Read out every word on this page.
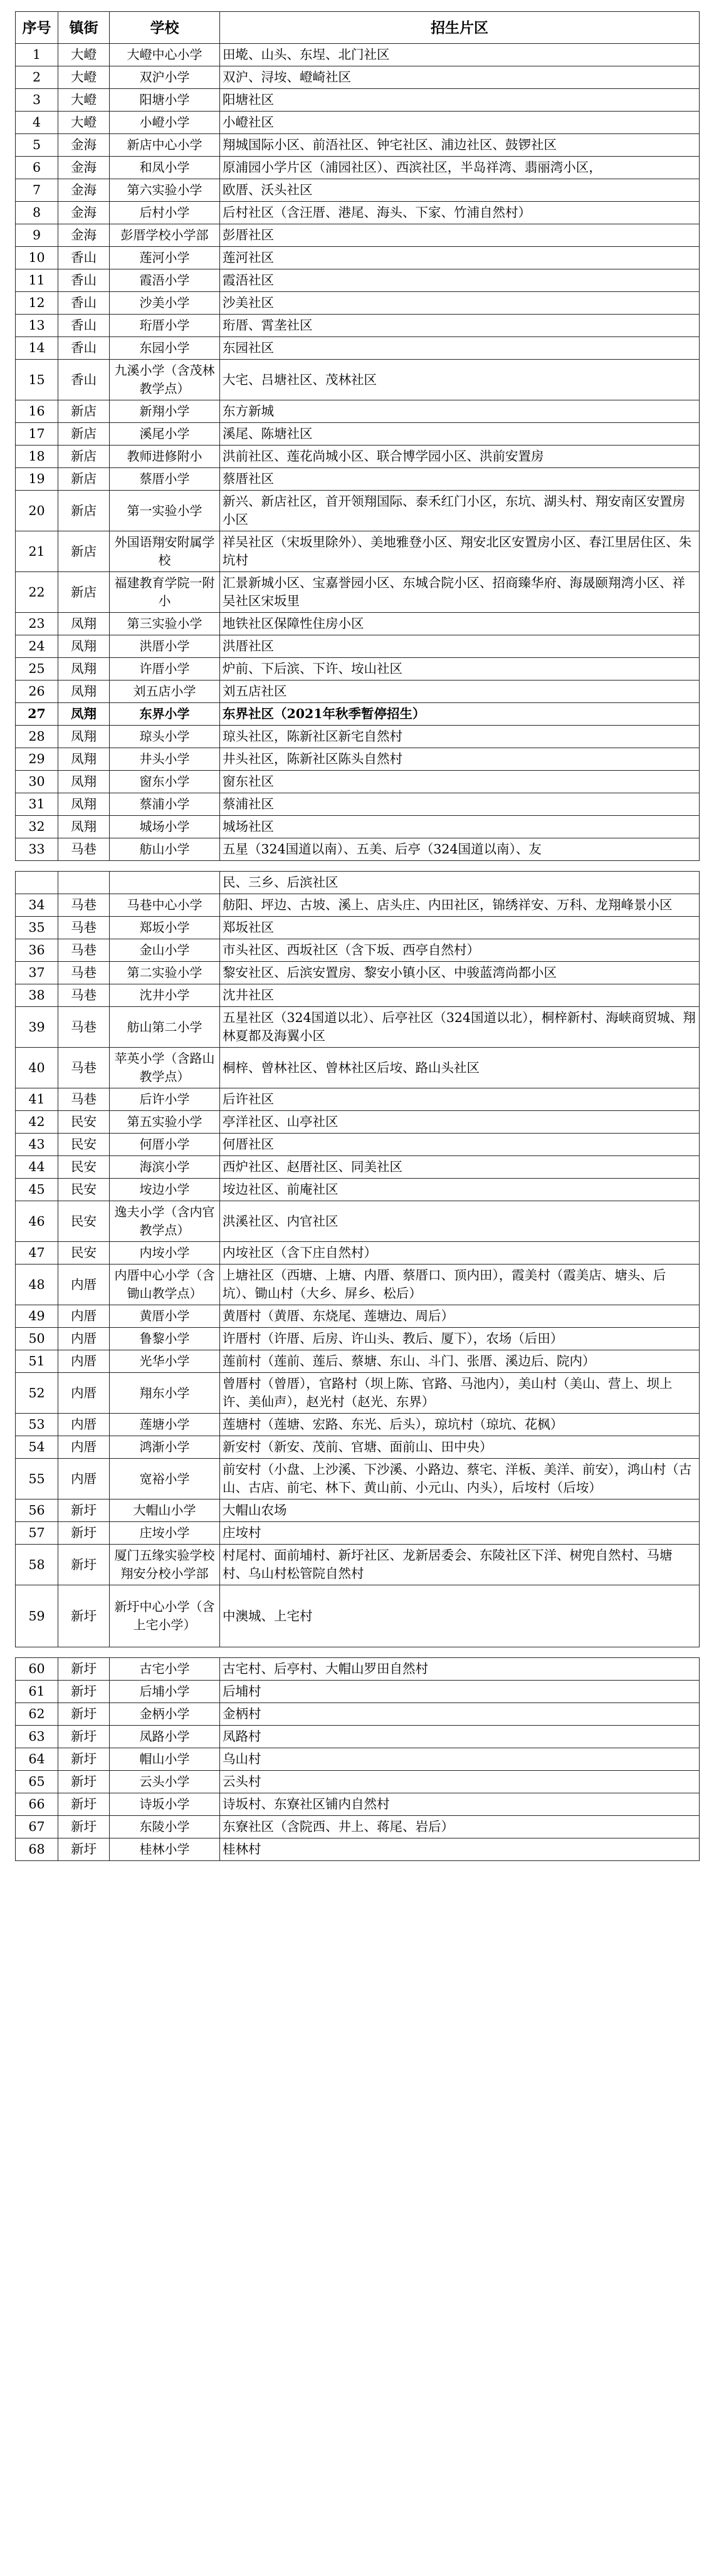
序号	镇街	学校	招生片区
1	大嶝	大嶝中心小学	田墘、山头、东埕、北门社区
2	大嶝	双沪小学	双沪、浔垵、嶝崎社区
3	大嶝	阳塘小学	阳塘社区
4	大嶝	小嶝小学	小嶝社区
5	金海	新店中心小学	翔城国际小区、前浯社区、钟宅社区、浦边社区、鼓锣社区
6	金海	和凤小学	原浦园小学片区（浦园社区）、西滨社区，半岛祥湾、翡丽湾小区，
7	金海	第六实验小学	欧厝、沃头社区
8	金海	后村小学	后村社区（含汪厝、港尾、海头、下家、竹浦自然村）
9	金海	彭厝学校小学部	彭厝社区
10	香山	莲河小学	莲河社区
11	香山	霞浯小学	霞浯社区
12	香山	沙美小学	沙美社区
13	香山	珩厝小学	珩厝、霄垄社区
14	香山	东园小学	东园社区
15	香山	九溪小学（含茂林教学点）	大宅、吕塘社区、茂林社区
16	新店	新翔小学	东方新城
17	新店	溪尾小学	溪尾、陈塘社区
18	新店	教师进修附小	洪前社区、莲花尚城小区、联合博学园小区、洪前安置房
19	新店	蔡厝小学	蔡厝社区
20	新店	第一实验小学	新兴、新店社区，首开领翔国际、泰禾红门小区，东坑、湖头村、翔安南区安置房小区
21	新店	外国语翔安附属学校	祥吴社区（宋坂里除外）、美地雅登小区、翔安北区安置房小区、春江里居住区、朱坑村
22	新店	福建教育学院一附小	汇景新城小区、宝嘉誉园小区、东城合院小区、招商臻华府、海晟颐翔湾小区、祥吴社区宋坂里
23	凤翔	第三实验小学	地铁社区保障性住房小区
24	凤翔	洪厝小学	洪厝社区
25	凤翔	许厝小学	炉前、下后滨、下许、垵山社区
26	凤翔	刘五店小学	刘五店社区
27	凤翔	东界小学	东界社区（2021年秋季暂停招生）
28	凤翔	琼头小学	琼头社区，陈新社区新宅自然村
29	凤翔	井头小学	井头社区，陈新社区陈头自然村
30	凤翔	窗东小学	窗东社区
31	凤翔	蔡浦小学	蔡浦社区
32	凤翔	城场小学	城场社区
33	马巷	舫山小学	五星（324国道以南）、五美、后亭（324国道以南）、友

			民、三乡、后滨社区
34	马巷	马巷中心小学	舫阳、坪边、古坡、溪上、店头庄、内田社区，锦绣祥安、万科、龙翔峰景小区
35	马巷	郑坂小学	郑坂社区
36	马巷	金山小学	市头社区、西坂社区（含下坂、西亭自然村）
37	马巷	第二实验小学	黎安社区、后滨安置房、黎安小镇小区、中骏蓝湾尚都小区
38	马巷	沈井小学	沈井社区
39	马巷	舫山第二小学	五星社区（324国道以北）、后亭社区（324国道以北），桐梓新村、海峡商贸城、翔林夏都及海翼小区
40	马巷	苹英小学（含路山教学点）	桐梓、曾林社区、曾林社区后垵、路山头社区
41	马巷	后许小学	后许社区
42	民安	第五实验小学	亭洋社区、山亭社区
43	民安	何厝小学	何厝社区
44	民安	海滨小学	西炉社区、赵厝社区、同美社区
45	民安	垵边小学	垵边社区、前庵社区
46	民安	逸夫小学（含内官教学点）	洪溪社区、内官社区
47	民安	内垵小学	内垵社区（含下庄自然村）
48	内厝	内厝中心小学（含锄山教学点）	上塘社区（西塘、上塘、内厝、蔡厝口、顶内田），霞美村（霞美店、塘头、后坑）、锄山村（大乡、屏乡、松后）
49	内厝	黄厝小学	黄厝村（黄厝、东烧尾、莲塘边、周后）
50	内厝	鲁黎小学	许厝村（许厝、后房、许山头、教后、厦下），农场（后田）
51	内厝	光华小学	莲前村（莲前、莲后、蔡塘、东山、斗门、张厝、溪边后、院内）
52	内厝	翔东小学	曾厝村（曾厝），官路村（坝上陈、官路、马池内），美山村（美山、营上、坝上许、美仙声），赵光村（赵光、东界）
53	内厝	莲塘小学	莲塘村（莲塘、宏路、东光、后头），琼坑村（琼坑、花枫）
54	内厝	鸿渐小学	新安村（新安、茂前、官塘、面前山、田中央）
55	内厝	宽裕小学	前安村（小盘、上沙溪、下沙溪、小路边、蔡宅、洋板、美洋、前安），鸿山村（古山、古店、前宅、林下、黄山前、小元山、内头），后垵村（后垵）
56	新圩	大帽山小学	大帽山农场
57	新圩	庄垵小学	庄垵村
58	新圩	厦门五缘实验学校翔安分校小学部	村尾村、面前埔村、新圩社区、龙新居委会、东陵社区下洋、树兜自然村、马塘村、乌山村松管院自然村
59	新圩	新圩中心小学（含上宅小学）	中澳城、上宅村

60	新圩	古宅小学	古宅村、后亭村、大帽山罗田自然村
61	新圩	后埔小学	后埔村
62	新圩	金柄小学	金柄村
63	新圩	凤路小学	凤路村
64	新圩	帽山小学	乌山村
65	新圩	云头小学	云头村
66	新圩	诗坂小学	诗坂村、东寮社区铺内自然村
67	新圩	东陵小学	东寮社区（含院西、井上、蒋尾、岩后）
68	新圩	桂林小学	桂林村
